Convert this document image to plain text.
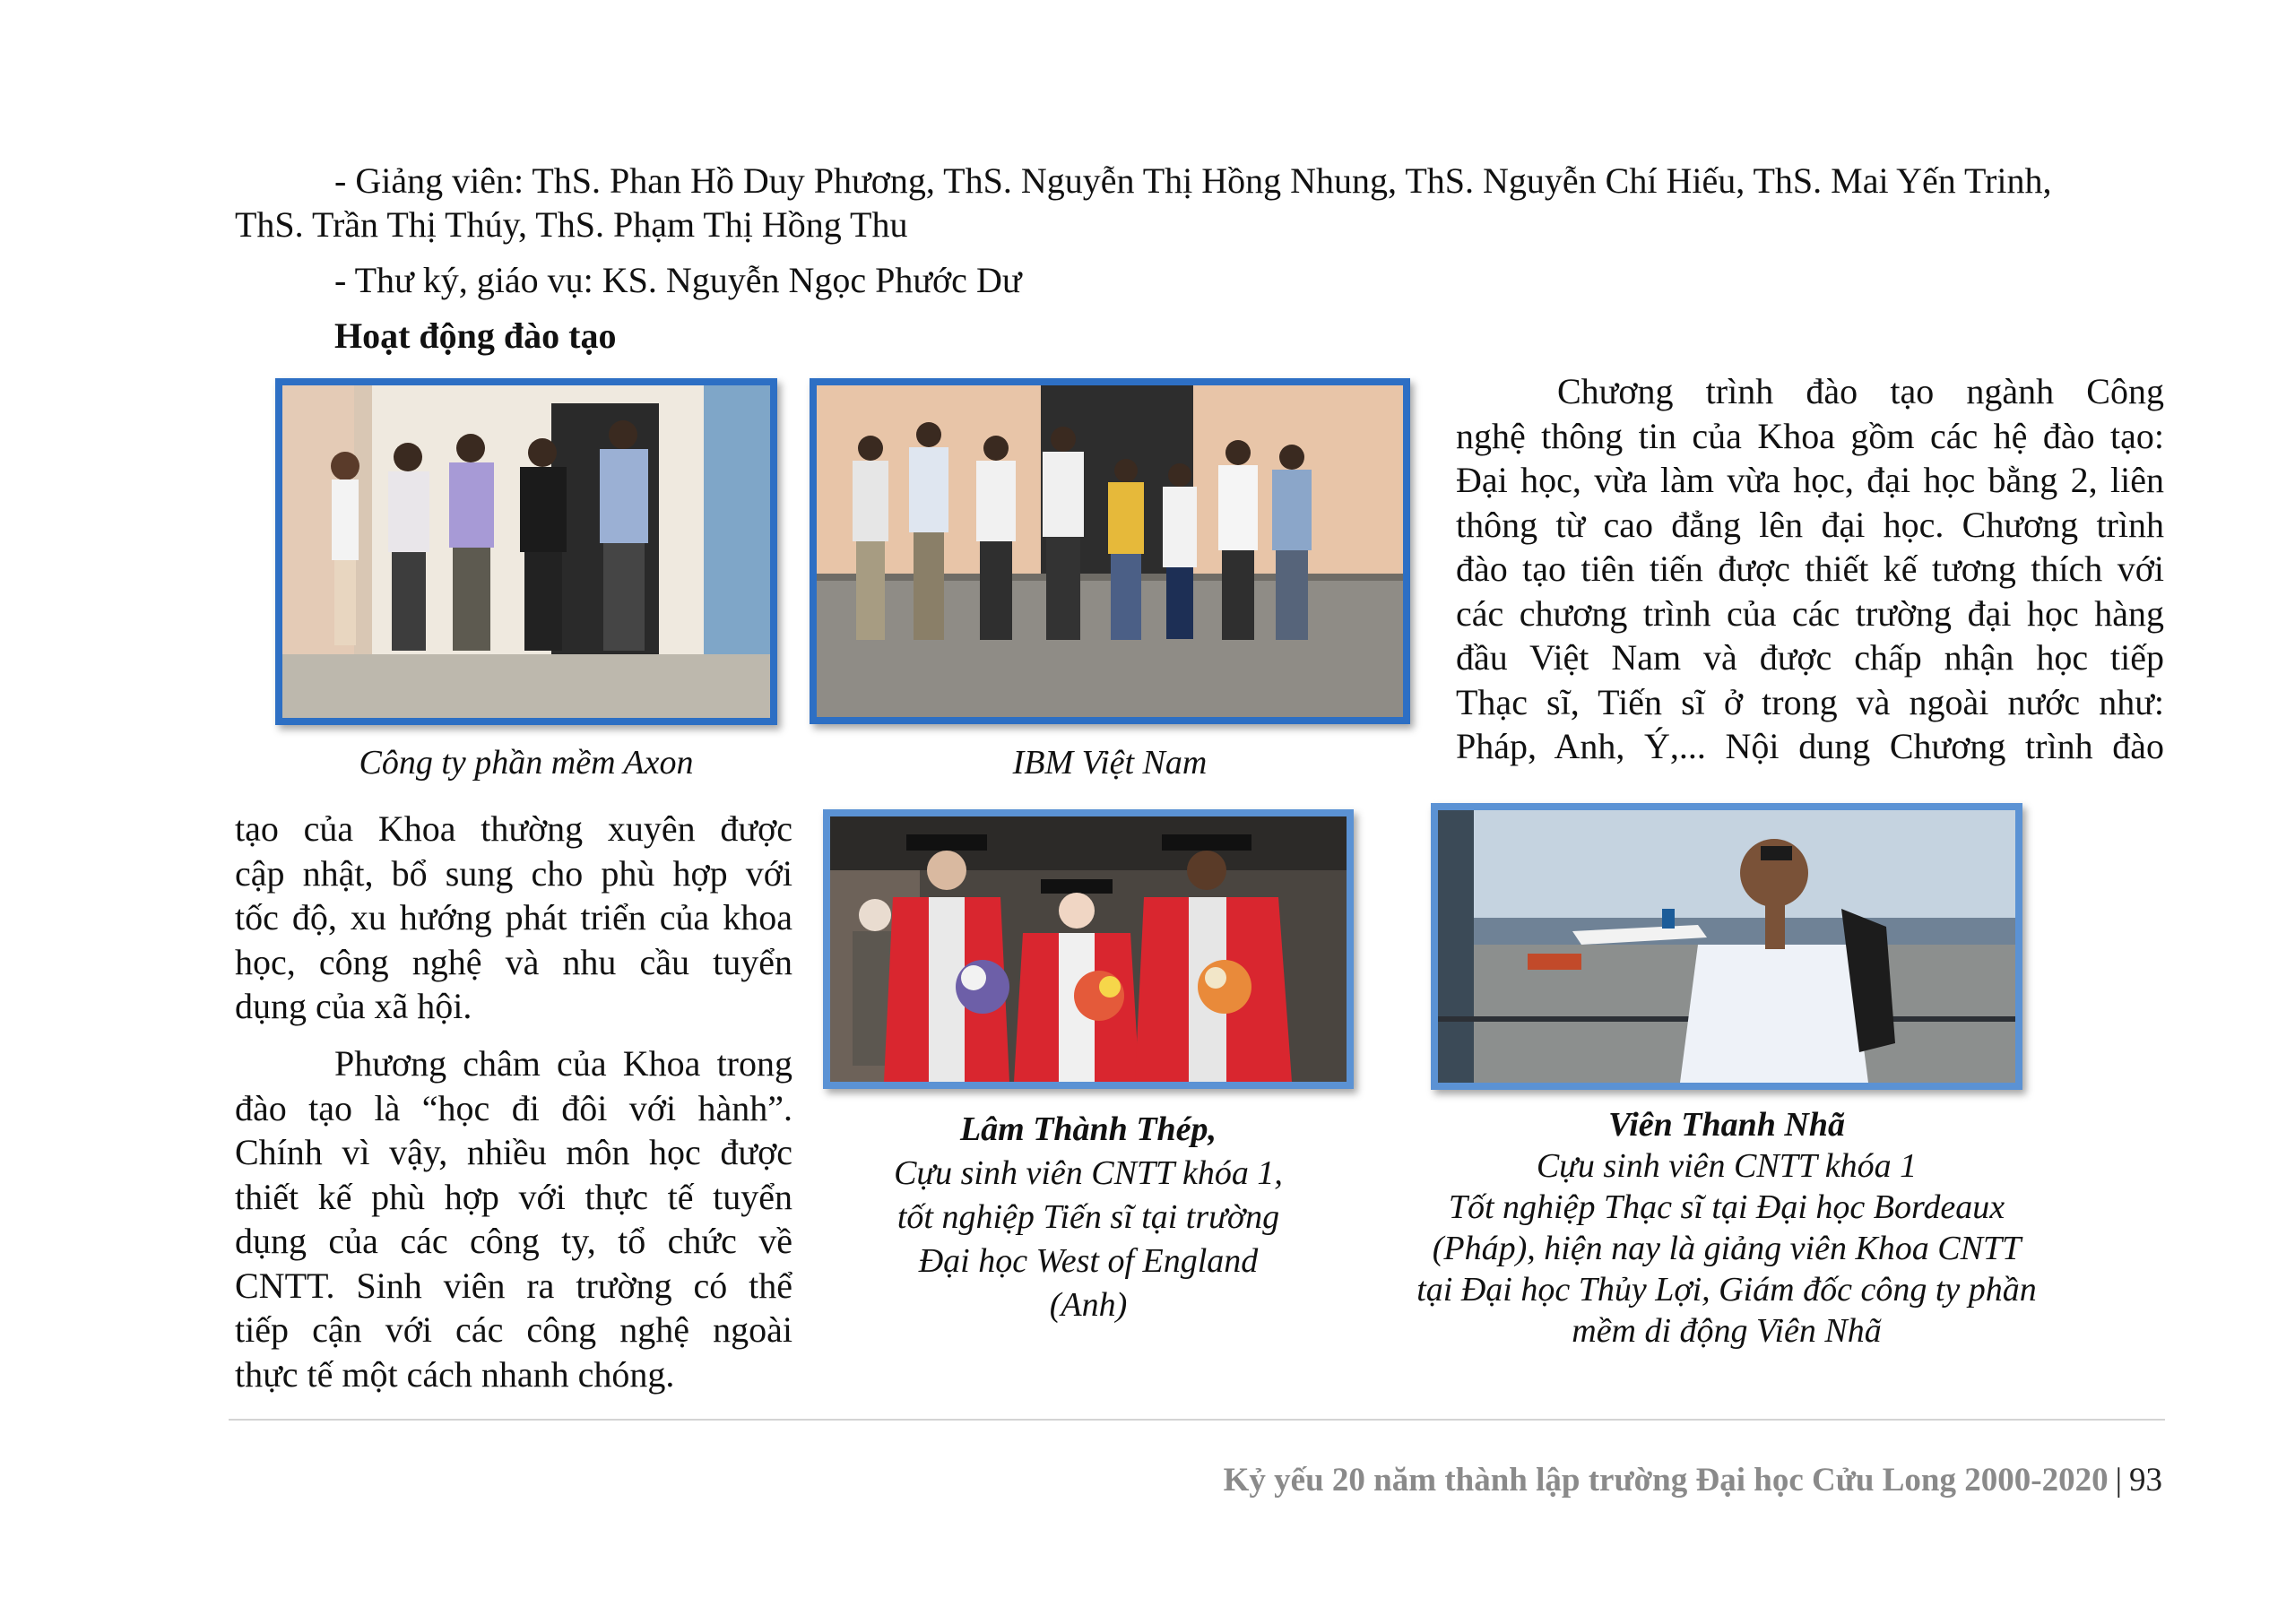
- Giảng viên: ThS. Phan Hồ Duy Phương, ThS. Nguyễn Thị Hồng Nhung, ThS. Nguyễn Chí Hiếu, ThS. Mai Yến Trinh,
ThS. Trần Thị Thúy, ThS. Phạm Thị Hồng Thu
- Thư ký, giáo vụ: KS. Nguyễn Ngọc Phước Dư
Hoạt động đào tạo
Công ty phần mềm Axon	IBM Việt Nam
Chương trình đào tạo ngành Công
nghệ thông tin của Khoa gồm các hệ đào tạo:
Đại học, vừa làm vừa học, đại học bằng 2, liên
thông từ cao đẳng lên đại học. Chương trình
đào tạo tiên tiến được thiết kế tương thích với
các chương trình của các trường đại học hàng
đầu Việt Nam và được chấp nhận học tiếp
Thạc sĩ, Tiến sĩ ở trong và ngoài nước như:
Pháp, Anh, Ý,... Nội dung Chương trình đào
tạo của Khoa thường xuyên được
cập nhật, bổ sung cho phù hợp với
tốc độ, xu hướng phát triển của khoa
học, công nghệ và nhu cầu tuyển
dụng của xã hội.
Phương châm của Khoa trong
đào tạo là “học đi đôi với hành”.
Chính vì vậy, nhiều môn học được
thiết kế phù hợp với thực tế tuyển
dụng của các công ty, tổ chức về
CNTT. Sinh viên ra trường có thể
tiếp cận với các công nghệ ngoài
thực tế một cách nhanh chóng.
Lâm Thành Thép,
Cựu sinh viên CNTT khóa 1,
tốt nghiệp Tiến sĩ tại trường
Đại học West of England
(Anh)
Viên Thanh Nhã
Cựu sinh viên CNTT khóa 1
Tốt nghiệp Thạc sĩ tại Đại học Bordeaux
(Pháp), hiện nay là giảng viên Khoa CNTT
tại Đại học Thủy Lợi, Giám đốc công ty phần
mềm di động Viên Nhã
Kỷ yếu 20 năm thành lập trường Đại học Cửu Long 2000-2020 | 93
